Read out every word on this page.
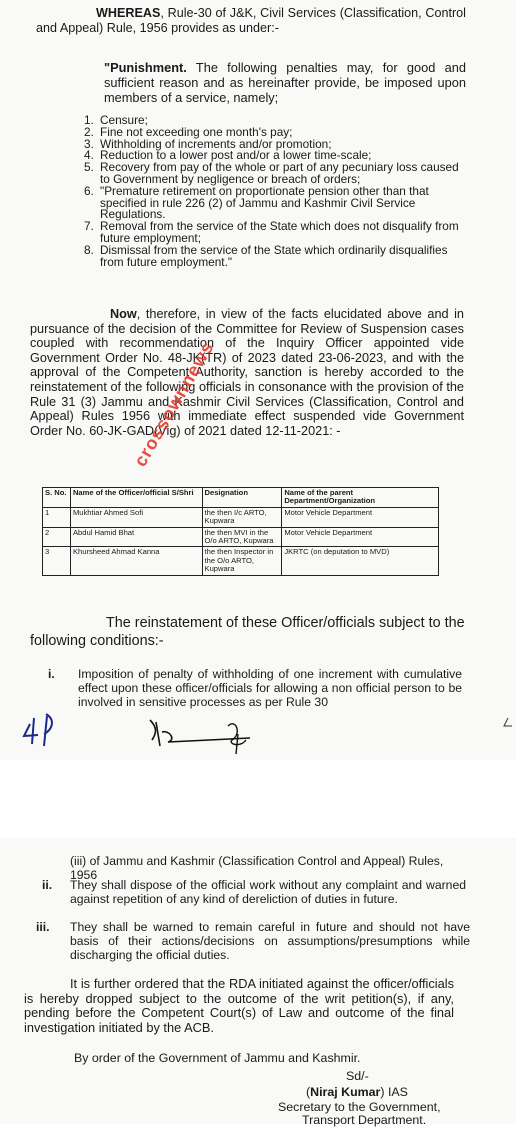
WHEREAS, Rule-30 of J&K, Civil Services (Classification, Control and Appeal) Rule, 1956 provides as under:-
"Punishment. The following penalties may, for good and sufficient reason and as hereinafter provide, be imposed upon members of a service, namely;
1. Censure;
2. Fine not exceeding one month's pay;
3. Withholding of increments and/or promotion;
4. Reduction to a lower post and/or a lower time-scale;
5. Recovery from pay of the whole or part of any pecuniary loss caused to Government by negligence or breach of orders;
6. "Premature retirement on proportionate pension other than that specified in rule 226 (2) of Jammu and Kashmir Civil Service Regulations.
7. Removal from the service of the State which does not disqualify from future employment;
8. Dismissal from the service of the State which ordinarily disqualifies from future employment."
Now, therefore, in view of the facts elucidated above and in pursuance of the decision of the Committee for Review of Suspension cases coupled with recommendation of the Inquiry Officer appointed vide Government Order No. 48-JK(TR) of 2023 dated 23-06-2023, and with the approval of the Competent Authority, sanction is hereby accorded to the reinstatement of the following officials in consonance with the provision of the Rule 31 (3) Jammu and Kashmir Civil Services (Classification, Control and Appeal) Rules 1956 with immediate effect suspended vide Government Order No. 60-JK-GAD(Vig) of 2021 dated 12-11-2021: -
S. No.	Name of the Officer/official S/Shri	Designation	Name of the parent Department/Organization
1	Mukhtiar Ahmed Sofi	the then I/c ARTO, Kupwara	Motor Vehicle Department
2	Abdul Hamid Bhat	the then MVI in the O/o ARTO, Kupwara	Motor Vehicle Department
3	Khursheed Ahmad Kanna	the then Inspector in the O/o ARTO, Kupwara	JKRTC (on deputation to MVD)
crossownnews
The reinstatement of these Officer/officials subject to the
following conditions:-
i. Imposition of penalty of withholding of one increment with cumulative effect upon these officer/officials for allowing a non official person to be involved in sensitive processes as per Rule 30
(iii) of Jammu and Kashmir (Classification Control and Appeal) Rules, 1956
ii. They shall dispose of the official work without any complaint and warned against repetition of any kind of dereliction of duties in future.
iii. They shall be warned to remain careful in future and should not have basis of their actions/decisions on assumptions/presumptions while discharging the official duties.
It is further ordered that the RDA initiated against the officer/officials is hereby dropped subject to the outcome of the writ petition(s), if any, pending before the Competent Court(s) of Law and outcome of the final investigation initiated by the ACB.
By order of the Government of Jammu and Kashmir.
Sd/-
(Niraj Kumar) IAS
Secretary to the Government,
Transport Department.
